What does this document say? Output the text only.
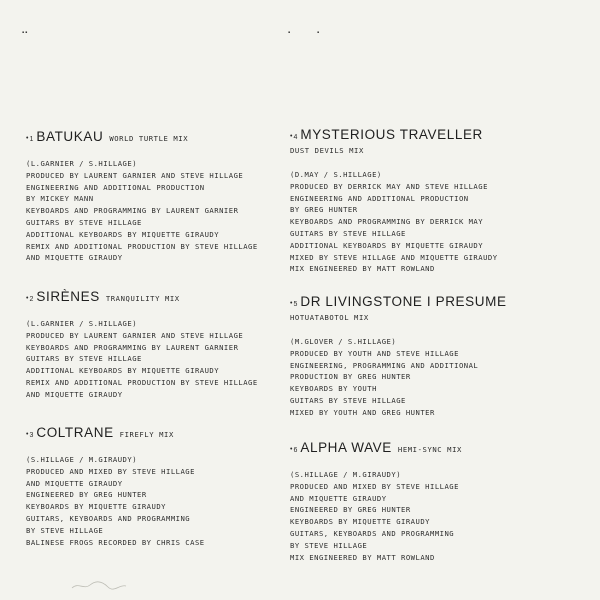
▪▪	▪	▪
• 1 BATUKAU WORLD TURTLE MIX
(L.GARNIER / S.HILLAGE)
PRODUCED BY LAURENT GARNIER AND STEVE HILLAGE
ENGINEERING AND ADDITIONAL PRODUCTION
BY MICKEY MANN
KEYBOARDS AND PROGRAMMING BY LAURENT GARNIER
GUITARS BY STEVE HILLAGE
ADDITIONAL KEYBOARDS BY MIQUETTE GIRAUDY
REMIX AND ADDITIONAL PRODUCTION BY STEVE HILLAGE
AND MIQUETTE GIRAUDY
• 2 SIRÈNES TRANQUILITY MIX
(L.GARNIER / S.HILLAGE)
PRODUCED BY LAURENT GARNIER AND STEVE HILLAGE
KEYBOARDS AND PROGRAMMING BY LAURENT GARNIER
GUITARS BY STEVE HILLAGE
ADDITIONAL KEYBOARDS BY MIQUETTE GIRAUDY
REMIX AND ADDITIONAL PRODUCTION BY STEVE HILLAGE
AND MIQUETTE GIRAUDY
• 3 COLTRANE FIREFLY MIX
(S.HILLAGE / M.GIRAUDY)
PRODUCED AND MIXED BY STEVE HILLAGE
AND MIQUETTE GIRAUDY
ENGINEERED BY GREG HUNTER
KEYBOARDS BY MIQUETTE GIRAUDY
GUITARS, KEYBOARDS AND PROGRAMMING
BY STEVE HILLAGE
BALINESE FROGS RECORDED BY CHRIS CASE
• 4 MYSTERIOUS TRAVELLER
DUST DEVILS MIX
(D.MAY / S.HILLAGE)
PRODUCED BY DERRICK MAY AND STEVE HILLAGE
ENGINEERING AND ADDITIONAL PRODUCTION
BY GREG HUNTER
KEYBOARDS AND PROGRAMMING BY DERRICK MAY
GUITARS BY STEVE HILLAGE
ADDITIONAL KEYBOARDS BY MIQUETTE GIRAUDY
MIXED BY STEVE HILLAGE AND MIQUETTE GIRAUDY
MIX ENGINEERED BY MATT ROWLAND
• 5 DR LIVINGSTONE I PRESUME
HOTUATABOTOL MIX
(M.GLOVER / S.HILLAGE)
PRODUCED BY YOUTH AND STEVE HILLAGE
ENGINEERING, PROGRAMMING AND ADDITIONAL
PRODUCTION BY GREG HUNTER
KEYBOARDS BY YOUTH
GUITARS BY STEVE HILLAGE
MIXED BY YOUTH AND GREG HUNTER
• 6 ALPHA WAVE HEMI-SYNC MIX
(S.HILLAGE / M.GIRAUDY)
PRODUCED AND MIXED BY STEVE HILLAGE
AND MIQUETTE GIRAUDY
ENGINEERED BY GREG HUNTER
KEYBOARDS BY MIQUETTE GIRAUDY
GUITARS, KEYBOARDS AND PROGRAMMING
BY STEVE HILLAGE
MIX ENGINEERED BY MATT ROWLAND
